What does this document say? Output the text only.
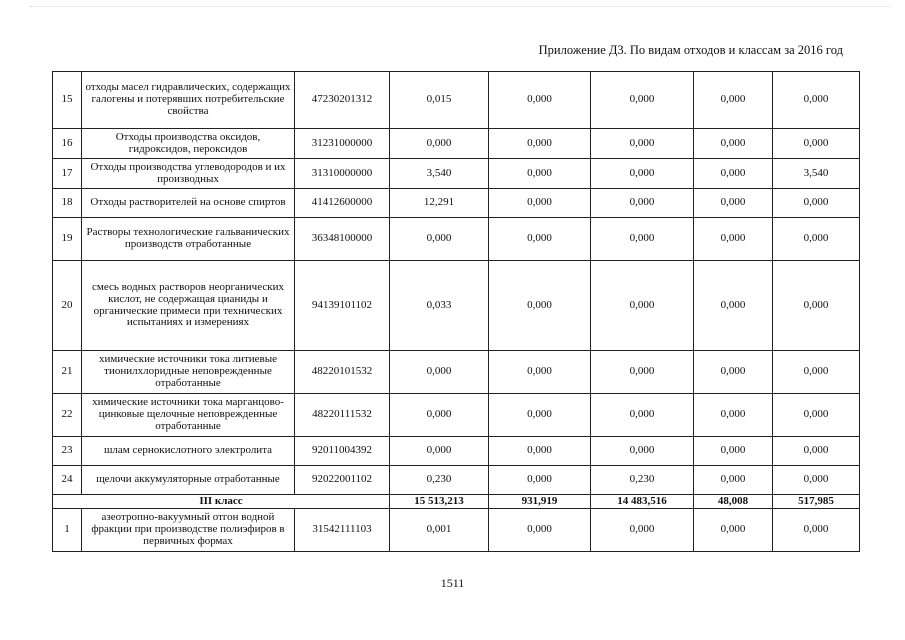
Приложение Д3. По видам отходов и классам за 2016 год
15	отходы масел гидравлических, содержащих галогены и потерявших потребительские свойства	47230201312	0,015	0,000	0,000	0,000	0,000
16	Отходы производства оксидов, гидроксидов, пероксидов	31231000000	0,000	0,000	0,000	0,000	0,000
17	Отходы производства углеводородов и их производных	31310000000	3,540	0,000	0,000	0,000	3,540
18	Отходы растворителей на основе спиртов	41412600000	12,291	0,000	0,000	0,000	0,000
19	Растворы технологические гальванических производств отработанные	36348100000	0,000	0,000	0,000	0,000	0,000
20	смесь водных растворов неорганических кислот, не содержащая цианиды и органические примеси при технических испытаниях и измерениях	94139101102	0,033	0,000	0,000	0,000	0,000
21	химические источники тока литиевые тионилхлоридные неповрежденные отработанные	48220101532	0,000	0,000	0,000	0,000	0,000
22	химические источники тока марганцово-цинковые щелочные неповрежденные отработанные	48220111532	0,000	0,000	0,000	0,000	0,000
23	шлам сернокислотного электролита	92011004392	0,000	0,000	0,000	0,000	0,000
24	щелочи аккумуляторные отработанные	92022001102	0,230	0,000	0,230	0,000	0,000
III класс			15 513,213	931,919	14 483,516	48,008	517,985
1	азеотропно-вакуумный отгон водной фракции при производстве полиэфиров в первичных формах	31542111103	0,001	0,000	0,000	0,000	0,000
1511
